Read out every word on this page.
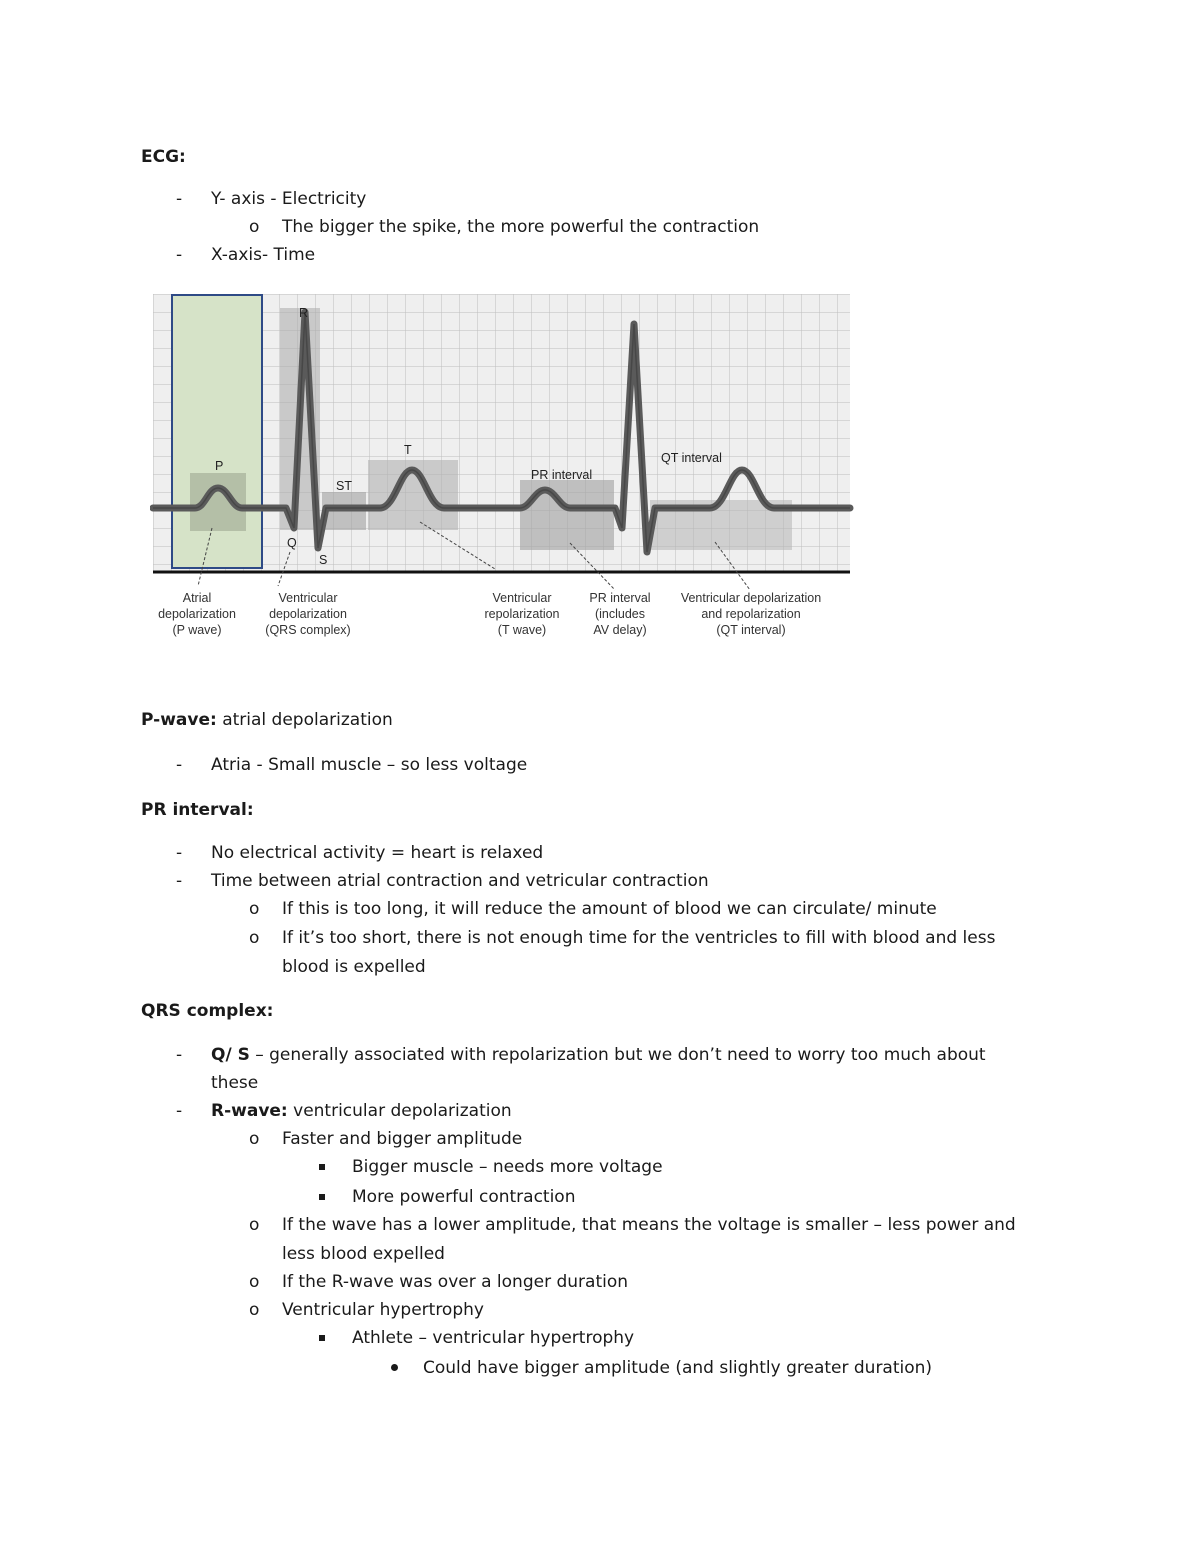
ECG:
- Y- axis - Electricity
o The bigger the spike, the more powerful the contraction
- X-axis- Time
P
Q
R
S
ST
T
PR interval
QT interval
Atrial
depolarization
(P wave)
Ventricular
depolarization
(QRS complex)
Ventricular
repolarization
(T wave)
PR interval
(includes
AV delay)
Ventricular depolarization
and repolarization
(QT interval)
P-wave: atrial depolarization
- Atria - Small muscle – so less voltage
PR interval:
- No electrical activity = heart is relaxed
- Time between atrial contraction and vetricular contraction
o If this is too long, it will reduce the amount of blood we can circulate/ minute
o If it’s too short, there is not enough time for the ventricles to fill with blood and less
blood is expelled
QRS complex:
- Q/ S – generally associated with repolarization but we don’t need to worry too much about
these
- R-wave: ventricular depolarization
o Faster and bigger amplitude
Bigger muscle – needs more voltage
More powerful contraction
o If the wave has a lower amplitude, that means the voltage is smaller – less power and
less blood expelled
o If the R-wave was over a longer duration
o Ventricular hypertrophy
Athlete – ventricular hypertrophy
Could have bigger amplitude (and slightly greater duration)
